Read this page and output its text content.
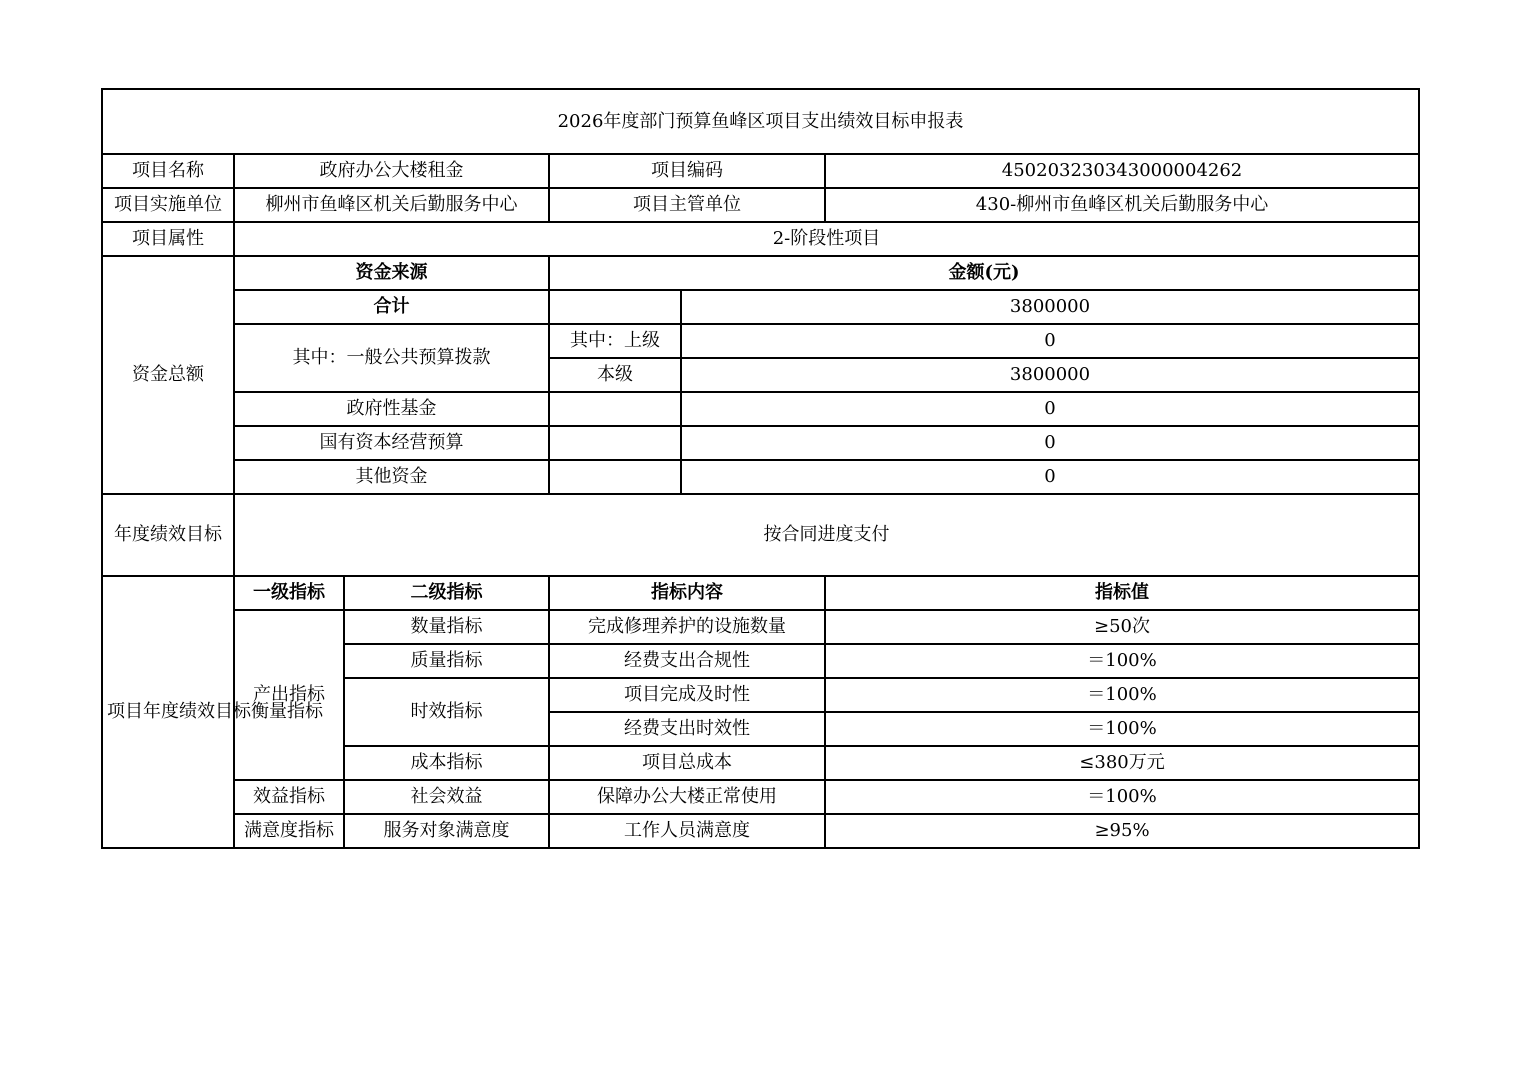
2026年度部门预算鱼峰区项目支出绩效目标申报表					
项目名称	政府办公大楼租金		项目编码		450203230343000004262
项目实施单位	柳州市鱼峰区机关后勤服务中心		项目主管单位		430-柳州市鱼峰区机关后勤服务中心
项目属性	2-阶段性项目				
资金总额	资金来源		金额(元)		
	合计			3800000	
	其中：一般公共预算拨款		其中：上级	0	
			本级	3800000	
	政府性基金			0	
	国有资本经营预算			0	
	其他资金			0	
年度绩效目标	按合同进度支付				
项目年度绩效目标衡量指标	一级指标	二级指标	指标内容		指标值
	产出指标	数量指标	完成修理养护的设施数量		≥50次
		质量指标	经费支出合规性		＝100%
		时效指标	项目完成及时性		＝100%
			经费支出时效性		＝100%
		成本指标	项目总成本		≤380万元
	效益指标	社会效益	保障办公大楼正常使用		＝100%
	满意度指标	服务对象满意度	工作人员满意度		≥95%
